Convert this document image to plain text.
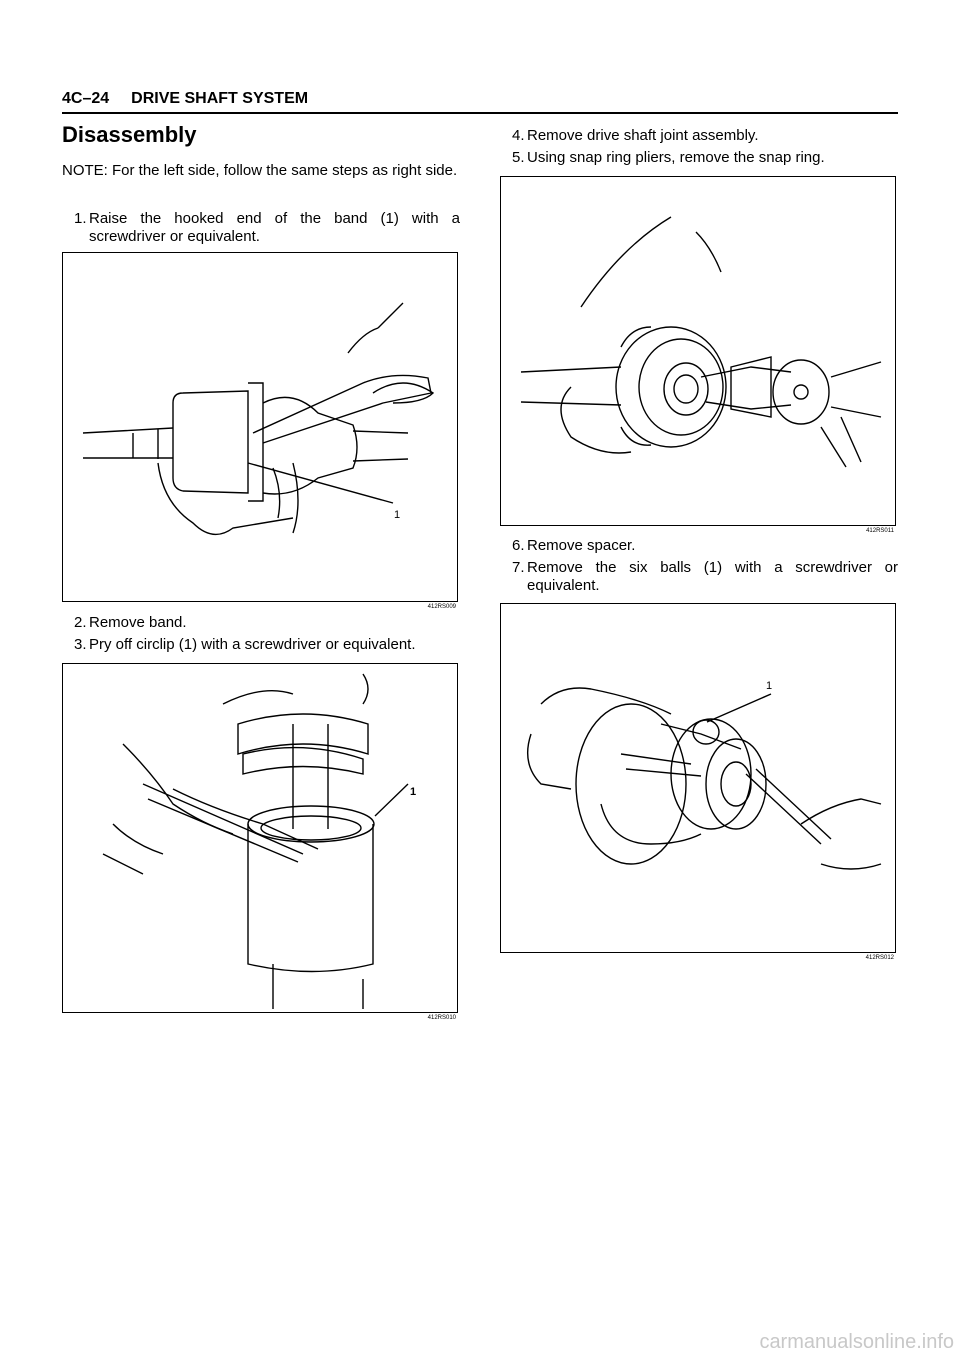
4C–24 DRIVE SHAFT SYSTEM
Disassembly
NOTE: For the left side, follow the same steps as right side.
1. Raise the hooked end of the band (1) with a screwdriver or equivalent.
1
412RS009
2. Remove band.
3. Pry off circlip (1) with a screwdriver or equivalent.
1
412RS010
4. Remove drive shaft joint assembly.
5. Using snap ring pliers, remove the snap ring.
412RS011
6. Remove spacer.
7. Remove the six balls (1) with a screwdriver or equivalent.
1
412RS012
carmanualsonline.info
